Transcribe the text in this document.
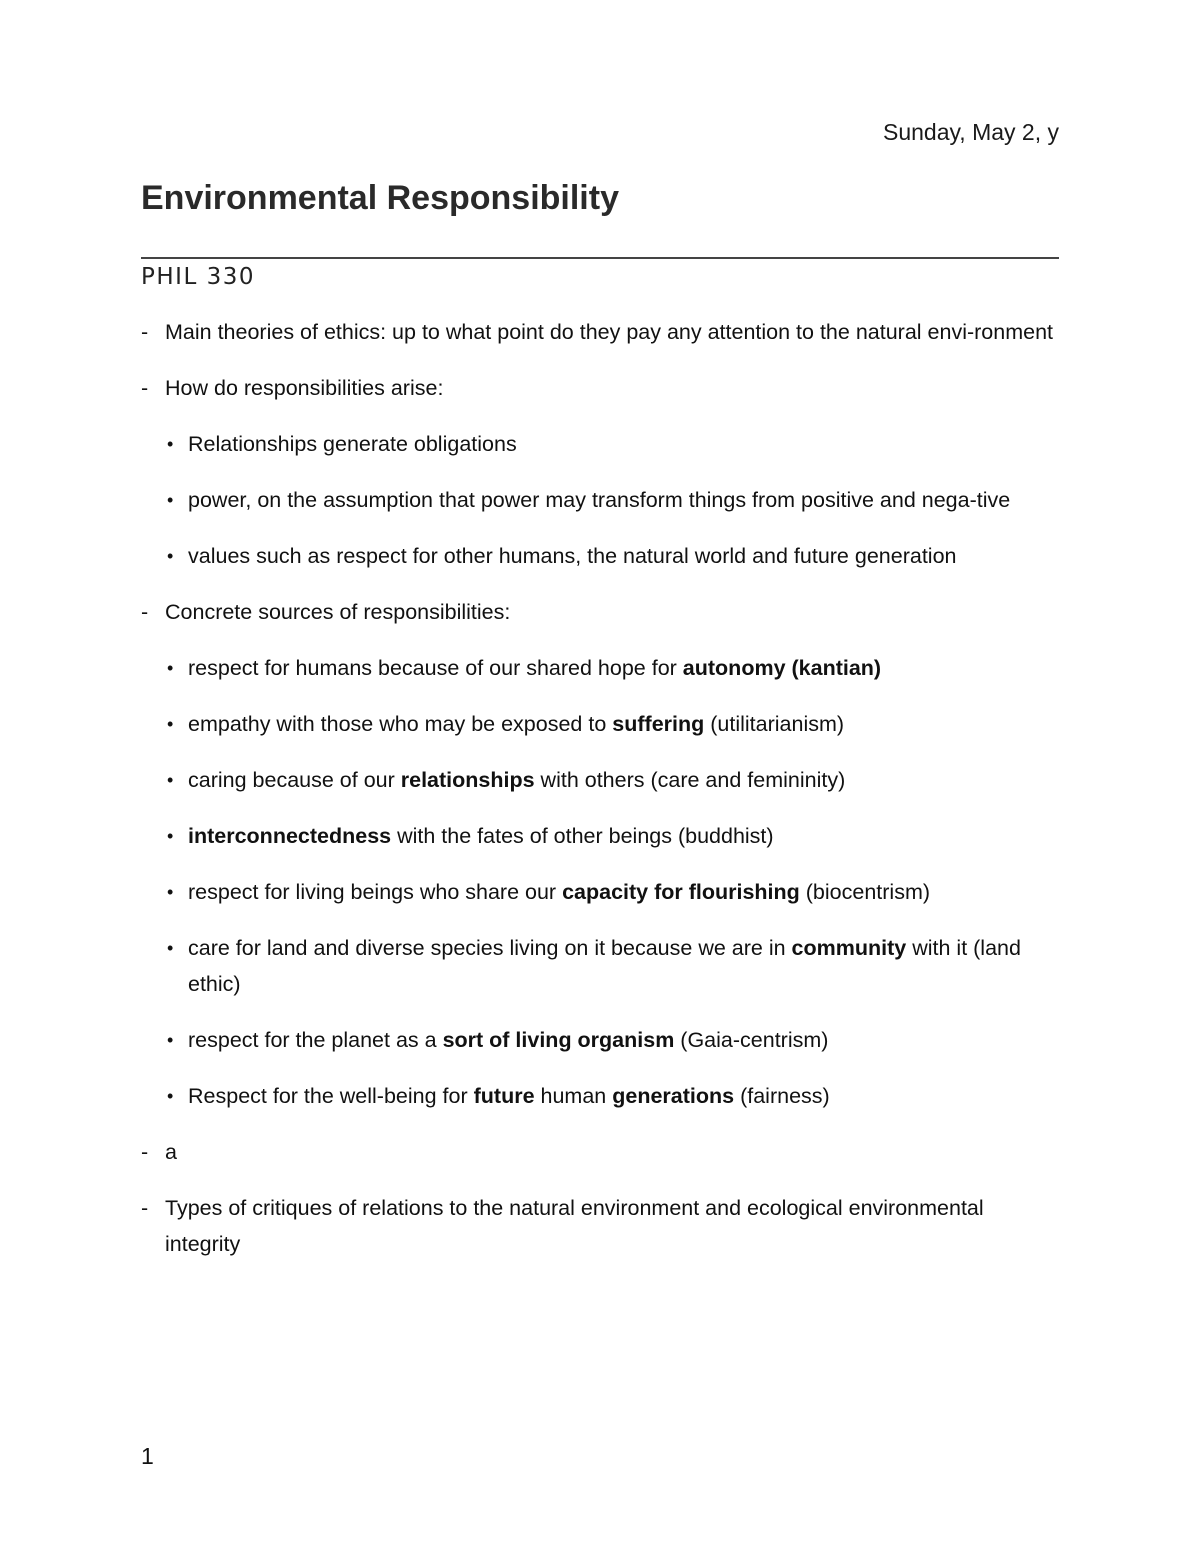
Sunday, May 2, y
Environmental Responsibility
PHIL 330
- Main theories of ethics: up to what point do they pay any attention to the natural envi-ronment
- How do responsibilities arise:
• Relationships generate obligations
• power, on the assumption that power may transform things from positive and nega-tive
• values such as respect for other humans, the natural world and future generation
- Concrete sources of responsibilities:
• respect for humans because of our shared hope for autonomy (kantian)
• empathy with those who may be exposed to suffering (utilitarianism)
• caring because of our relationships with others (care and femininity)
• interconnectedness with the fates of other beings (buddhist)
• respect for living beings who share our capacity for flourishing (biocentrism)
• care for land and diverse species living on it because we are in community with it (land ethic)
• respect for the planet as a sort of living organism (Gaia-centrism)
• Respect for the well-being for future human generations (fairness)
- a
- Types of critiques of relations to the natural environment and ecological environmental integrity
1
